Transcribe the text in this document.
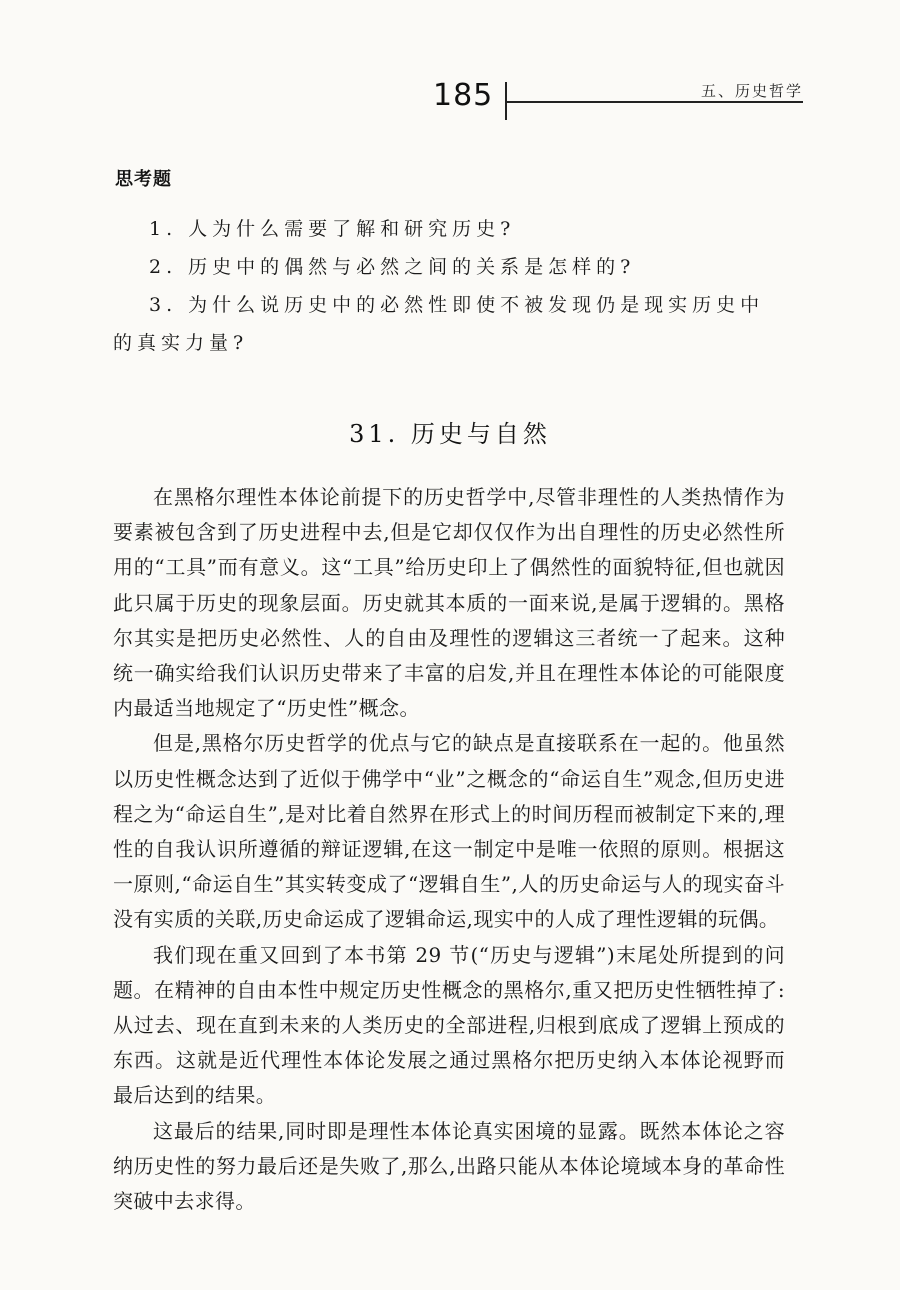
185	五、历史哲学
思考题

1. 人为什么需要了解和研究历史?

2. 历史中的偶然与必然之间的关系是怎样的?

3. 为什么说历史中的必然性即使不被发现仍是现实历史中的真实力量?

31. 历史与自然

在黑格尔理性本体论前提下的历史哲学中,尽管非理性的人类热情作为要素被包含到了历史进程中去,但是它却仅仅作为出自理性的历史必然性所用的“工具”而有意义。这“工具”给历史印上了偶然性的面貌特征,但也就因此只属于历史的现象层面。历史就其本质的一面来说,是属于逻辑的。黑格尔其实是把历史必然性、人的自由及理性的逻辑这三者统一了起来。这种统一确实给我们认识历史带来了丰富的启发,并且在理性本体论的可能限度内最适当地规定了“历史性”概念。

但是,黑格尔历史哲学的优点与它的缺点是直接联系在一起的。他虽然以历史性概念达到了近似于佛学中“业”之概念的“命运自生”观念,但历史进程之为“命运自生”,是对比着自然界在形式上的时间历程而被制定下来的,理性的自我认识所遵循的辩证逻辑,在这一制定中是唯一依照的原则。根据这一原则,“命运自生”其实转变成了“逻辑自生”,人的历史命运与人的现实奋斗没有实质的关联,历史命运成了逻辑命运,现实中的人成了理性逻辑的玩偶。

我们现在重又回到了本书第 29 节(“历史与逻辑”)末尾处所提到的问题。在精神的自由本性中规定历史性概念的黑格尔,重又把历史性牺牲掉了:从过去、现在直到未来的人类历史的全部进程,归根到底成了逻辑上预成的东西。这就是近代理性本体论发展之通过黑格尔把历史纳入本体论视野而最后达到的结果。

这最后的结果,同时即是理性本体论真实困境的显露。既然本体论之容纳历史性的努力最后还是失败了,那么,出路只能从本体论境域本身的革命性突破中去求得。
